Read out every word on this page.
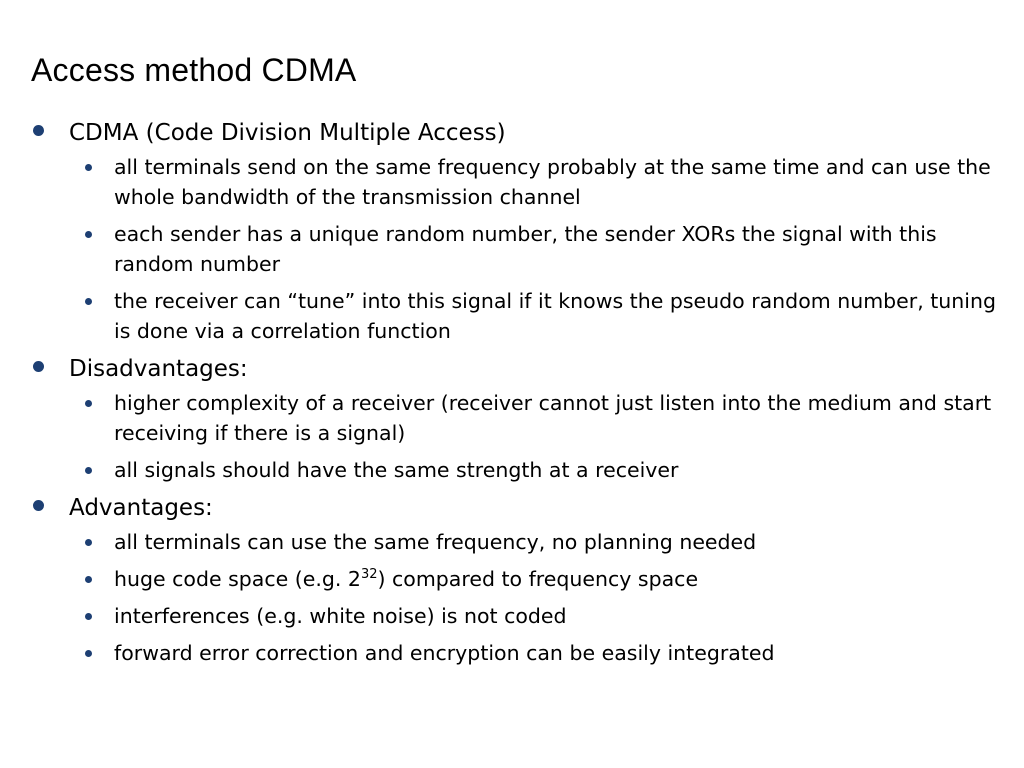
Access method CDMA
CDMA (Code Division Multiple Access)
all terminals send on the same frequency probably at the same time and can use the whole bandwidth of the transmission channel
each sender has a unique random number, the sender XORs the signal with this random number
the receiver can “tune” into this signal if it knows the pseudo random number, tuning is done via a correlation function
Disadvantages:
higher complexity of a receiver (receiver cannot just listen into the medium and start receiving if there is a signal)
all signals should have the same strength at a receiver
Advantages:
all terminals can use the same frequency, no planning needed
huge code space (e.g. $2^{32}$) compared to frequency space
interferences (e.g. white noise) is not coded
forward error correction and encryption can be easily integrated
